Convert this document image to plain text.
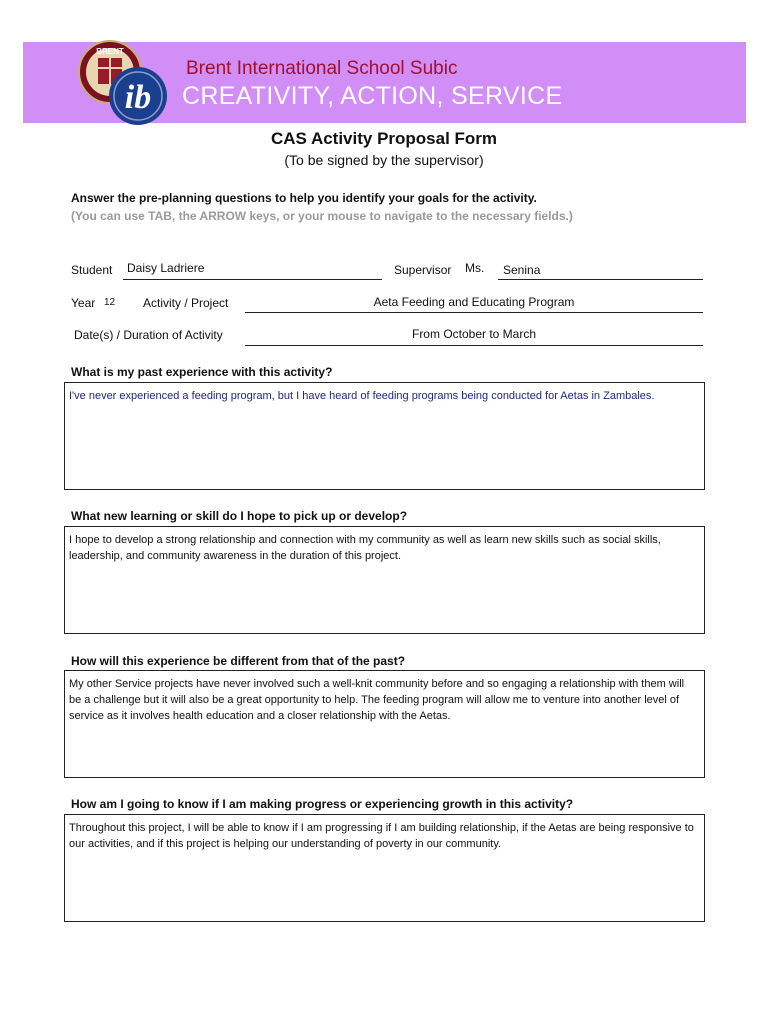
BRENT
ib
Brent International School Subic
CREATIVITY, ACTION, SERVICE
CAS Activity Proposal Form
(To be signed by the supervisor)
Answer the pre-planning questions to help you identify your goals for the activity.
(You can use TAB, the ARROW keys, or your mouse to navigate to the necessary fields.)
Student Daisy Ladriere	Supervisor Ms. Senina
Year 12 Activity / Project	Aeta Feeding and Educating Program
Date(s) / Duration of Activity	From October to March
What is my past experience with this activity?
I've never experienced a feeding program, but I have heard of feeding programs being conducted for Aetas in Zambales.
What new learning or skill do I hope to pick up or develop?
I hope to develop a strong relationship and connection with my community as well as learn new skills such as social skills, leadership, and community awareness in the duration of this project.
How will this experience be different from that of the past?
My other Service projects have never involved such a well-knit community before and so engaging a relationship with them will be a challenge but it will also be a great opportunity to help. The feeding program will allow me to venture into another level of service as it involves health education and a closer relationship with the Aetas.
How am I going to know if I am making progress or experiencing growth in this activity?
Throughout this project, I will be able to know if I am progressing if I am building relationship, if the Aetas are being responsive to our activities, and if this project is helping our understanding of poverty in our community.
